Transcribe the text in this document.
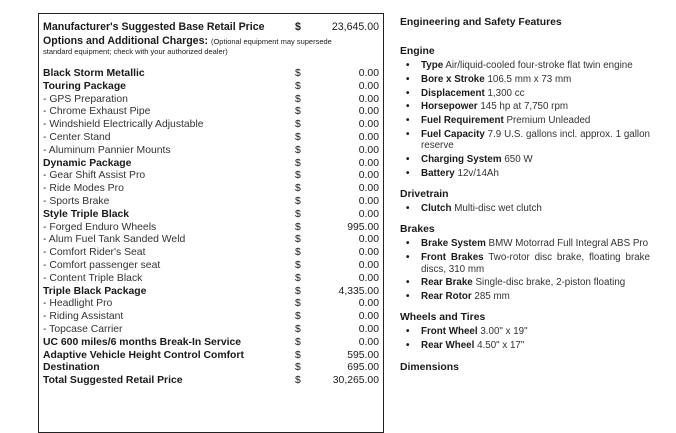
Manufacturer's Suggested Base Retail Price	$	23,645.00
Options and Additional Charges: (Optional equipment may supersede
standard equipment; check with your authorized dealer)
Black Storm Metallic	$	0.00
Touring Package	$	0.00
- GPS Preparation	$	0.00
- Chrome Exhaust Pipe	$	0.00
- Windshield Electrically Adjustable	$	0.00
- Center Stand	$	0.00
- Aluminum Pannier Mounts	$	0.00
Dynamic Package	$	0.00
- Gear Shift Assist Pro	$	0.00
- Ride Modes Pro	$	0.00
- Sports Brake	$	0.00
Style Triple Black	$	0.00
- Forged Enduro Wheels	$	995.00
- Alum Fuel Tank Sanded Weld	$	0.00
- Comfort Rider's Seat	$	0.00
- Comfort passenger seat	$	0.00
- Content Triple Black	$	0.00
Triple Black Package	$	4,335.00
- Headlight Pro	$	0.00
- Riding Assistant	$	0.00
- Topcase Carrier	$	0.00
UC 600 miles/6 months Break-In Service	$	0.00
Adaptive Vehicle Height Control Comfort	$	595.00
Destination	$	695.00
Total Suggested Retail Price	$	30,265.00
Engineering and Safety Features
Engine
• Type Air/liquid-cooled four-stroke flat twin engine
• Bore x Stroke 106.5 mm x 73 mm
• Displacement 1,300 cc
• Horsepower 145 hp at 7,750 rpm
• Fuel Requirement Premium Unleaded
• Fuel Capacity 7.9 U.S. gallons incl. approx. 1 gallon reserve
• Charging System 650 W
• Battery 12v/14Ah
Drivetrain
• Clutch Multi-disc wet clutch
Brakes
• Brake System BMW Motorrad Full Integral ABS Pro
• Front Brakes Two-rotor disc brake, floating brake discs, 310 mm
• Rear Brake Single-disc brake, 2-piston floating
• Rear Rotor 285 mm
Wheels and Tires
• Front Wheel 3.00" x 19"
• Rear Wheel 4.50" x 17"
Dimensions
